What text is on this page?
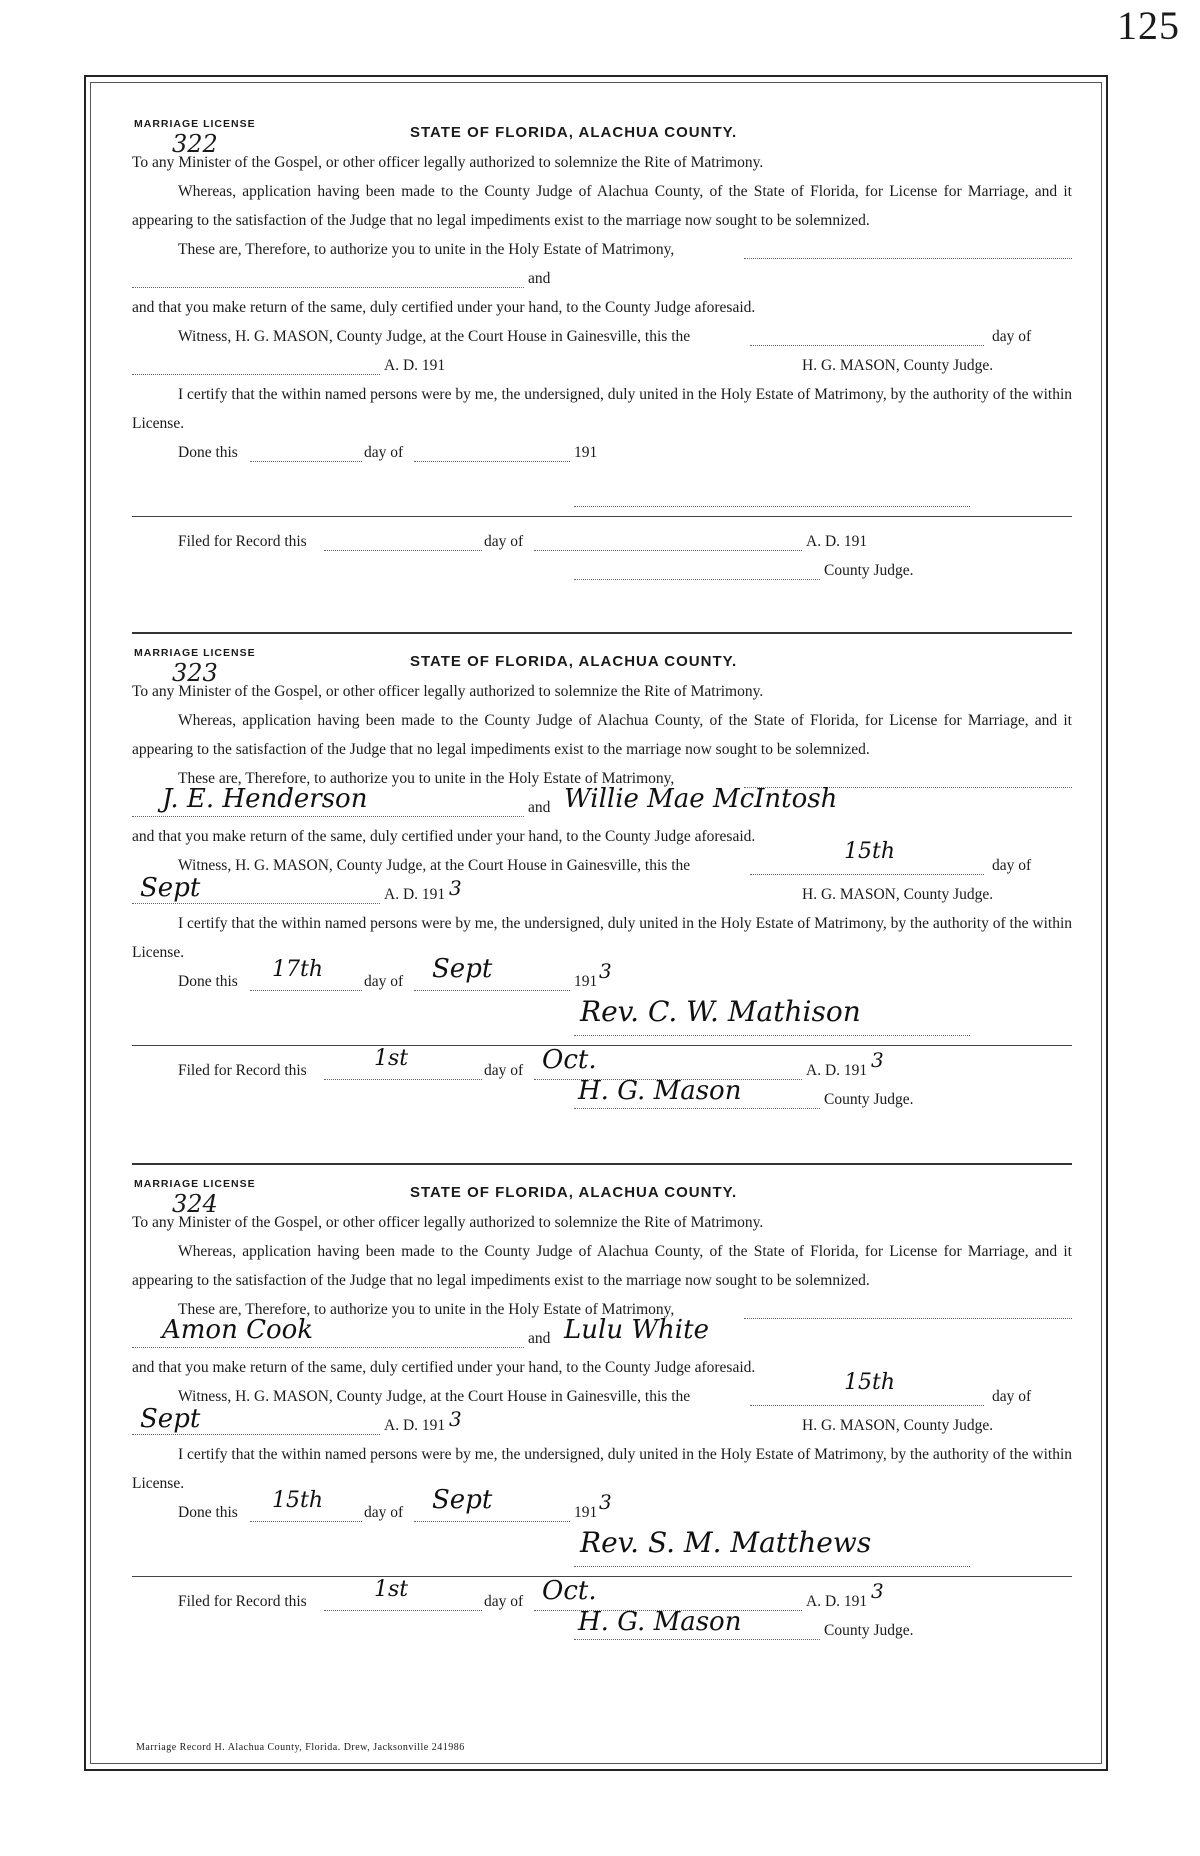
125
MARRIAGE LICENSE
322	STATE OF FLORIDA, ALACHUA COUNTY.

To any Minister of the Gospel, or other officer legally authorized to solemnize the Rite of Matrimony.

Whereas, application having been made to the County Judge of Alachua County, of the State of Florida, for License for Marriage, and it appearing to the satisfaction of the Judge that no legal impediments exist to the marriage now sought to be solemnized.

These are, Therefore, to authorize you to unite in the Holy Estate of Matrimony,
and
and that you make return of the same, duly certified under your hand, to the County Judge aforesaid.
Witness, H. G. MASON, County Judge, at the Court House in Gainesville, this the	day of
A. D. 191	H. G. MASON, County Judge.

I certify that the within named persons were by me, the undersigned, duly united in the Holy Estate of Matrimony, by the authority of the within License.

Done this	day of	191
Filed for Record this	day of	A. D. 191
County Judge.
MARRIAGE LICENSE
323	STATE OF FLORIDA, ALACHUA COUNTY.

To any Minister of the Gospel, or other officer legally authorized to solemnize the Rite of Matrimony.

Whereas, application having been made to the County Judge of Alachua County, of the State of Florida, for License for Marriage, and it appearing to the satisfaction of the Judge that no legal impediments exist to the marriage now sought to be solemnized.

These are, Therefore, to authorize you to unite in the Holy Estate of Matrimony,
J. E. Henderson	and Willie Mae McIntosh
and that you make return of the same, duly certified under your hand, to the County Judge aforesaid.
Witness, H. G. MASON, County Judge, at the Court House in Gainesville, this the
15th
day of
Sept	A. D. 191 3	H. G. MASON, County Judge.

I certify that the within named persons were by me, the undersigned, duly united in the Holy Estate of Matrimony, by the authority of the within License.

Done this 17th	day of Sept	191 3
Rev. C. W. Mathison
Filed for Record this	1st	day of Oct.	A. D. 191 3
H. G. Mason	County Judge.
MARRIAGE LICENSE
324	STATE OF FLORIDA, ALACHUA COUNTY.

To any Minister of the Gospel, or other officer legally authorized to solemnize the Rite of Matrimony.

Whereas, application having been made to the County Judge of Alachua County, of the State of Florida, for License for Marriage, and it appearing to the satisfaction of the Judge that no legal impediments exist to the marriage now sought to be solemnized.

These are, Therefore, to authorize you to unite in the Holy Estate of Matrimony,
Amon Cook	and Lulu White
and that you make return of the same, duly certified under your hand, to the County Judge aforesaid.
Witness, H. G. MASON, County Judge, at the Court House in Gainesville, this the
15th
day of
Sept	A. D. 191 3	H. G. MASON, County Judge.

I certify that the within named persons were by me, the undersigned, duly united in the Holy Estate of Matrimony, by the authority of the within License.

Done this 15th	day of Sept	191 3
Rev. S. M. Matthews
Filed for Record this	1st	day of Oct.	A. D. 191 3
H. G. Mason	County Judge.
Marriage Record H. Alachua County, Florida. Drew, Jacksonville 241986
